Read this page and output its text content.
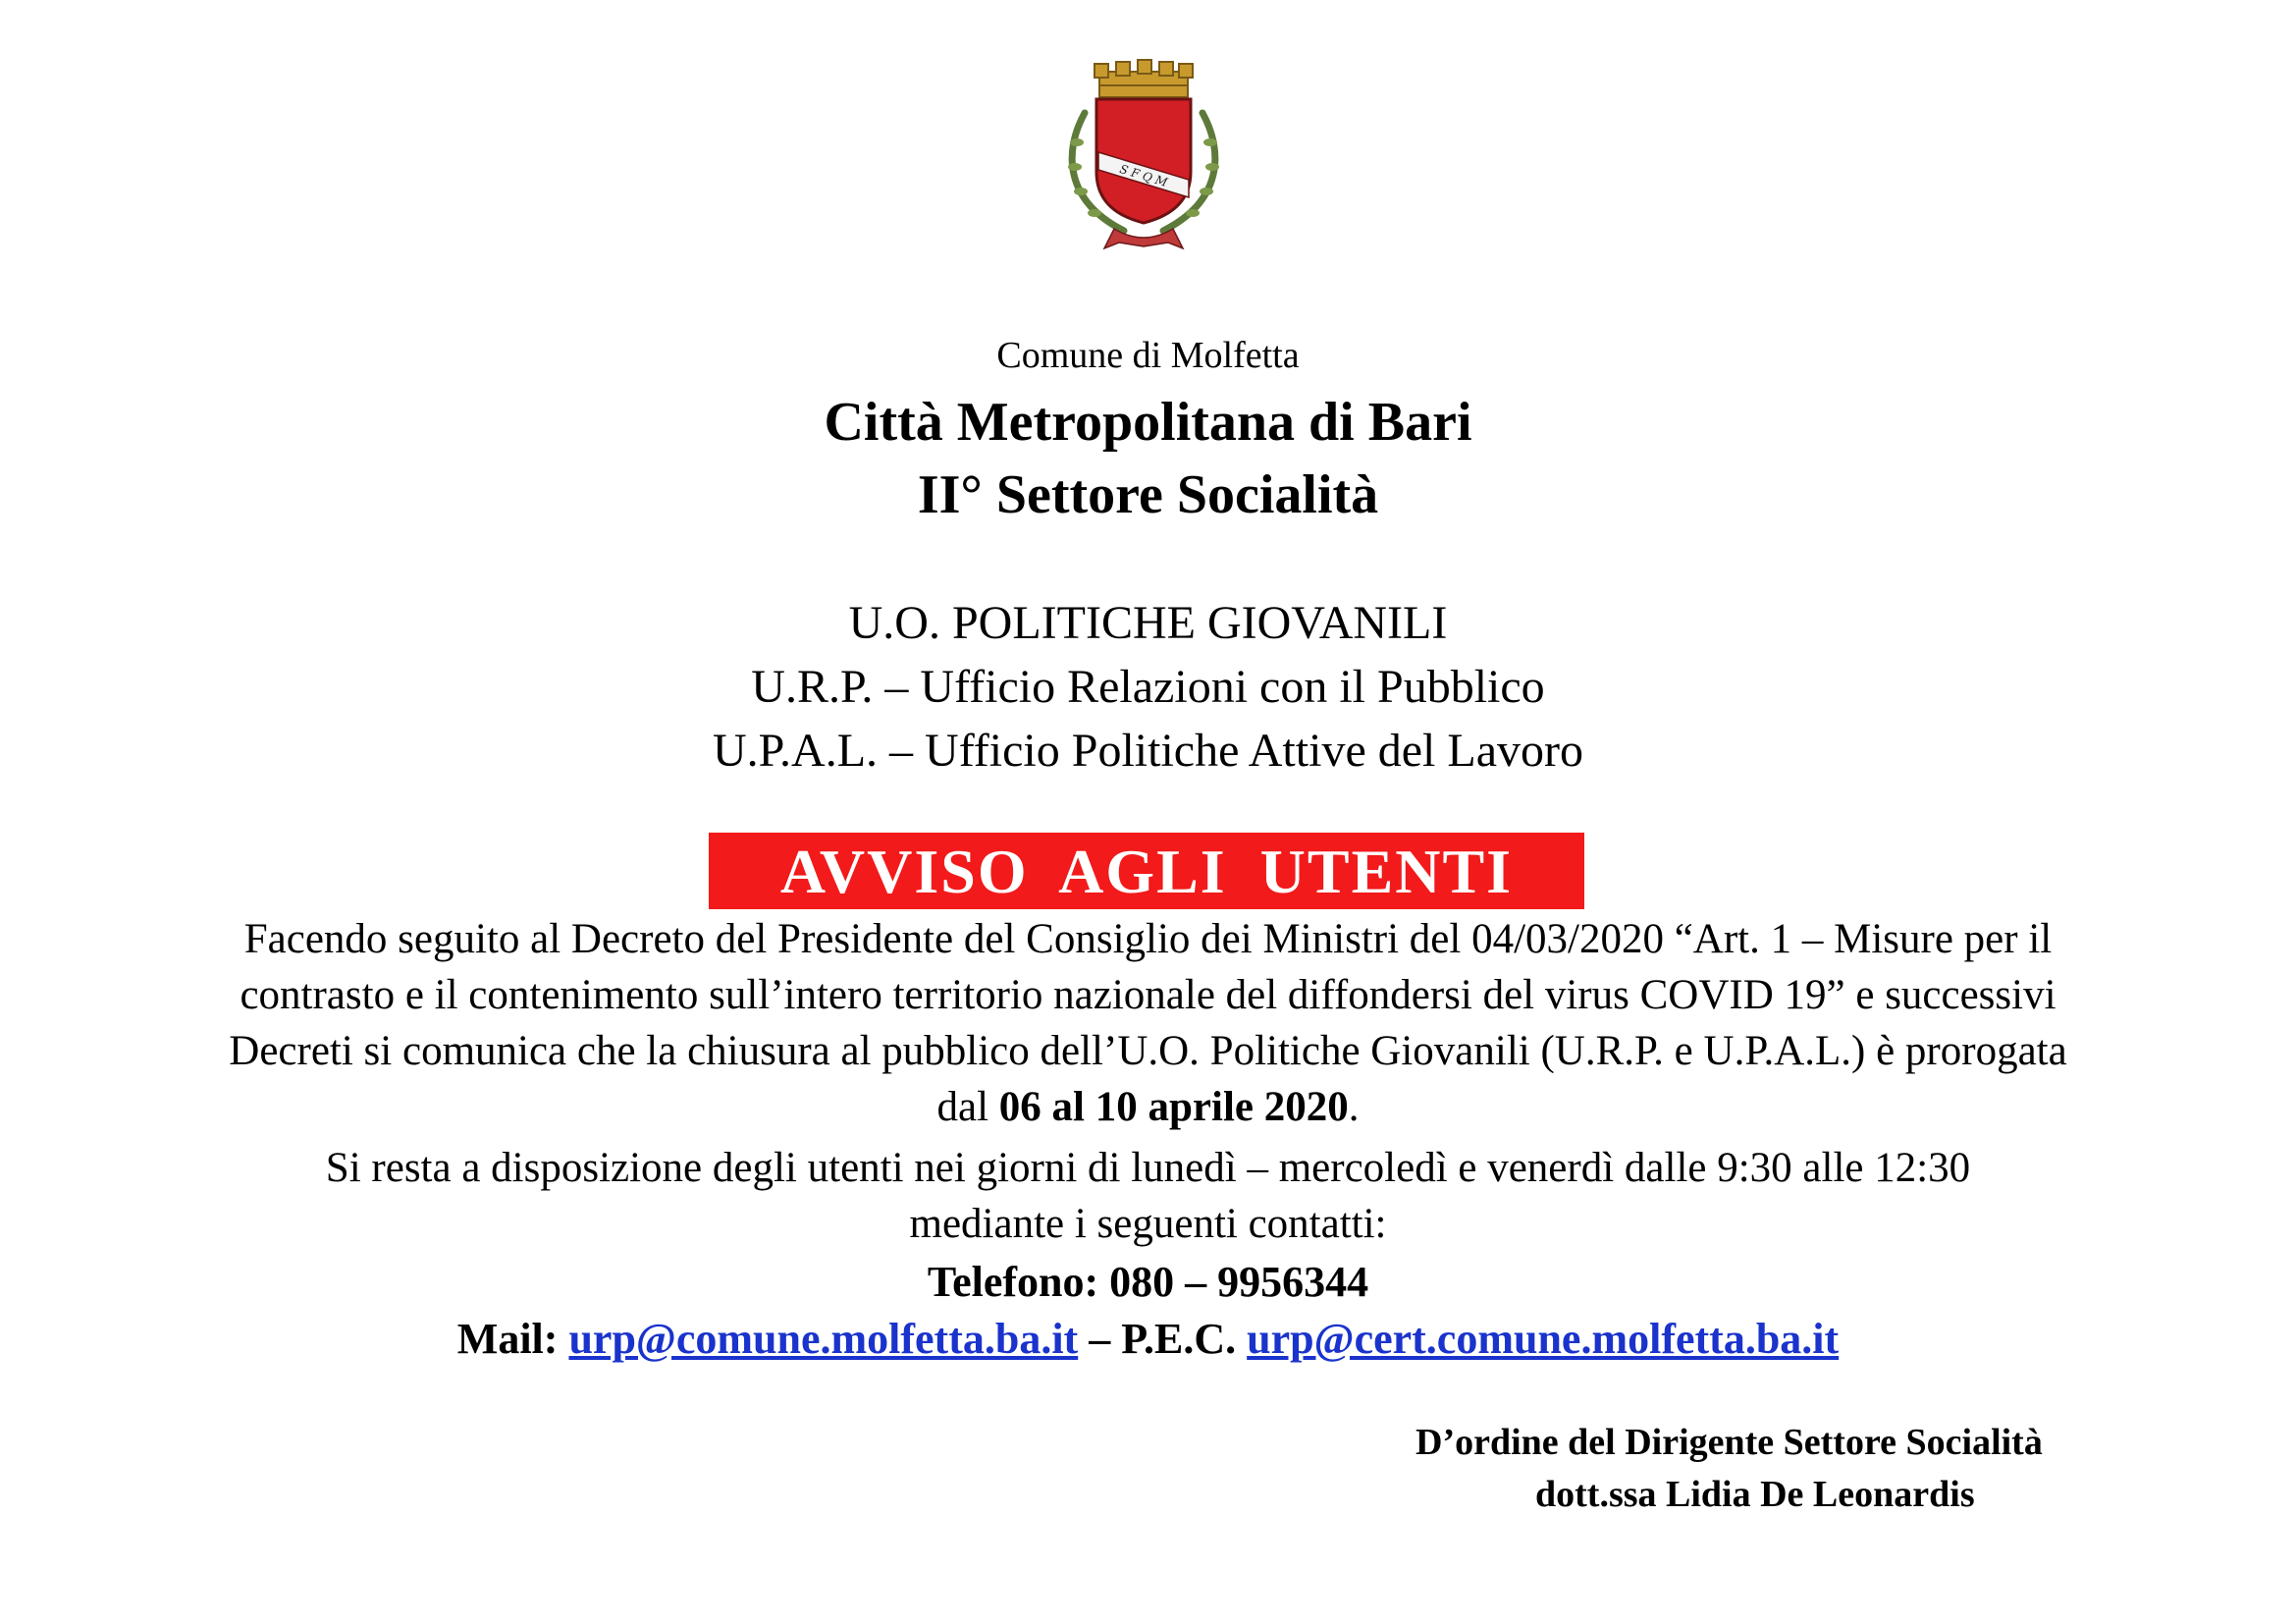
S F Q M
Comune di Molfetta
Città Metropolitana di Bari
II° Settore Socialità
U.O. POLITICHE GIOVANILI
U.R.P. – Ufficio Relazioni con il Pubblico
U.P.A.L. – Ufficio Politiche Attive del Lavoro
AVVISO AGLI UTENTI
Facendo seguito al Decreto del Presidente del Consiglio dei Ministri del 04/03/2020 “Art. 1 – Misure per il
contrasto e il contenimento sull’intero territorio nazionale del diffondersi del virus COVID 19” e successivi
Decreti si comunica che la chiusura al pubblico dell’U.O. Politiche Giovanili (U.R.P. e U.P.A.L.) è prorogata
dal 06 al 10 aprile 2020.
Si resta a disposizione degli utenti nei giorni di lunedì – mercoledì e venerdì dalle 9:30 alle 12:30
mediante i seguenti contatti:
Telefono: 080 – 9956344
Mail: urp@comune.molfetta.ba.it – P.E.C. urp@cert.comune.molfetta.ba.it
D’ordine del Dirigente Settore Socialità
dott.ssa Lidia De Leonardis
